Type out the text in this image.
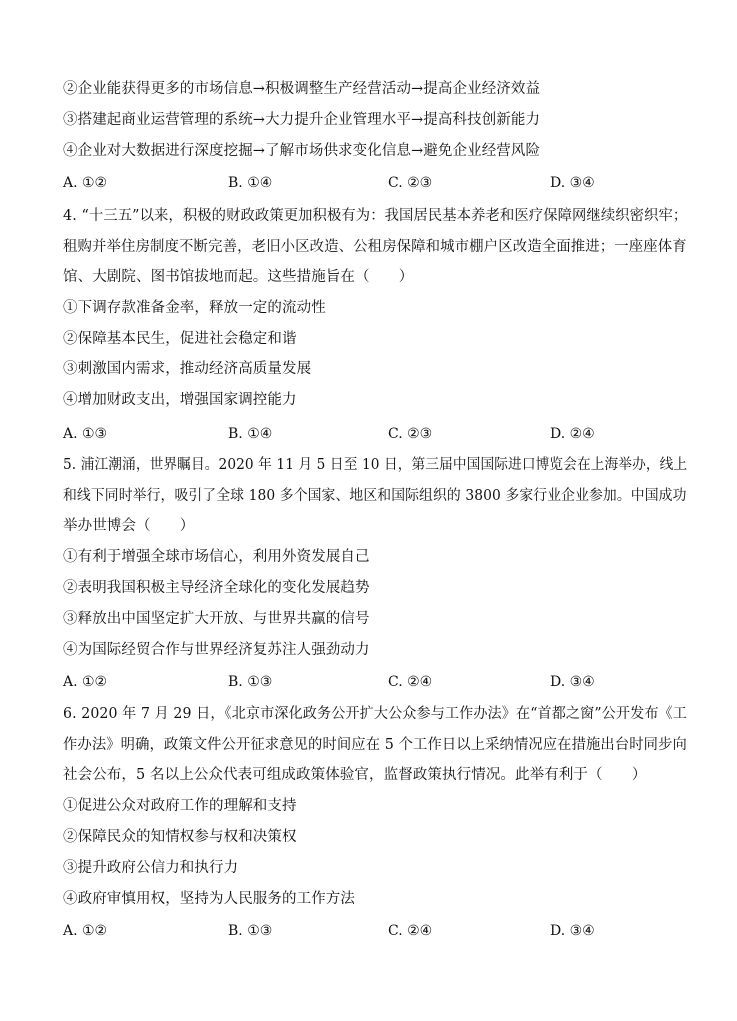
②企业能获得更多的市场信息→积极调整生产经营活动→提高企业经济效益
③搭建起商业运营管理的系统→大力提升企业管理水平→提高科技创新能力
④企业对大数据进行深度挖掘→了解市场供求变化信息→避免企业经营风险
A. ①②	B. ①④	C. ②③	D. ③④
4. “十三五”以来，积极的财政政策更加积极有为：我国居民基本养老和医疗保障网继续织密织牢；
租购并举住房制度不断完善，老旧小区改造、公租房保障和城市棚户区改造全面推进；一座座体育
馆、大剧院、图书馆拔地而起。这些措施旨在（　　）
①下调存款准备金率，释放一定的流动性
②保障基本民生，促进社会稳定和谐
③刺激国内需求，推动经济高质量发展
④增加财政支出，增强国家调控能力
A. ①③	B. ①④	C. ②③	D. ②④
5. 浦江潮涌，世界瞩目。2020 年 11 月 5 日至 10 日，第三届中国国际进口博览会在上海举办，线上
和线下同时举行，吸引了全球 180 多个国家、地区和国际组织的 3800 多家行业企业参加。中国成功
举办世博会（　　）
①有利于增强全球市场信心，利用外资发展自己
②表明我国积极主导经济全球化的变化发展趋势
③释放出中国坚定扩大开放、与世界共赢的信号
④为国际经贸合作与世界经济复苏注人强劲动力
A. ①②	B. ①③	C. ②④	D. ③④
6. 2020 年 7 月 29 日，《北京市深化政务公开扩大公众参与工作办法》在“首都之窗”公开发布《工
作办法》明确，政策文件公开征求意见的时间应在 5 个工作日以上采纳情况应在措施出台时同步向
社会公布，5 名以上公众代表可组成政策体验官，监督政策执行情况。此举有利于（　　）
①促进公众对政府工作的理解和支持
②保障民众的知情权参与权和决策权
③提升政府公信力和执行力
④政府审慎用权，坚持为人民服务的工作方法
A. ①②	B. ①③	C. ②④	D. ③④
